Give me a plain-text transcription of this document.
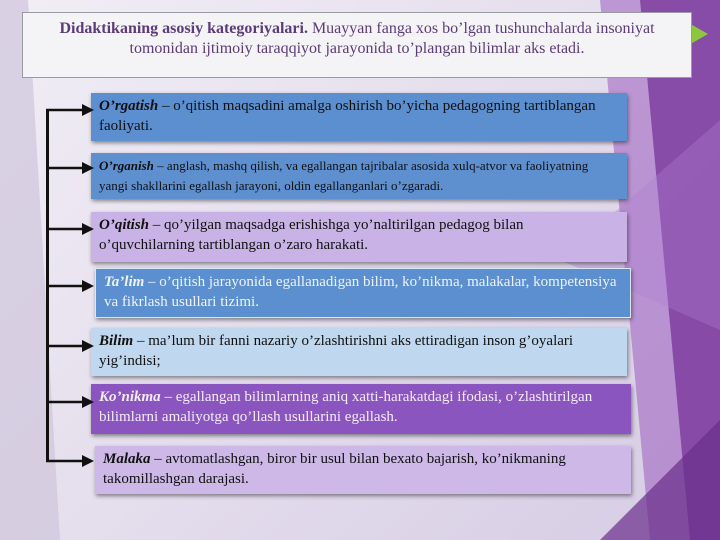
Didaktikaning asosiy kategoriyalari. Muayyan fanga xos bo’lgan tushunchalarda insoniyat tomonidan ijtimoiy taraqqiyot jarayonida to’plangan bilimlar aks etadi.
O’rgatish – o’qitish maqsadini amalga oshirish bo’yicha pedagogning tartiblangan faoliyati.
O’rganish – anglash, mashq qilish, va egallangan tajribalar asosida xulq-atvor va faoliyatning yangi shakllarini egallash jarayoni, oldin egallanganlari o’zgaradi.
O’qitish – qo’yilgan maqsadga erishishga yo’naltirilgan pedagog bilan o’quvchilarning tartiblangan o’zaro harakati.
Ta’lim – o’qitish jarayonida egallanadigan bilim, ko’nikma, malakalar, kompetensiya va fikrlash usullari tizimi.
Bilim – ma’lum bir fanni nazariy o’zlashtirishni aks ettiradigan inson g’oyalari yig’indisi;
Ko’nikma – egallangan bilimlarning aniq xatti-harakatdagi ifodasi, o’zlashtirilgan bilimlarni amaliyotga qo’llash usullarini egallash.
Malaka – avtomatlashgan, biror bir usul bilan bexato bajarish, ko’nikmaning takomillashgan darajasi.
